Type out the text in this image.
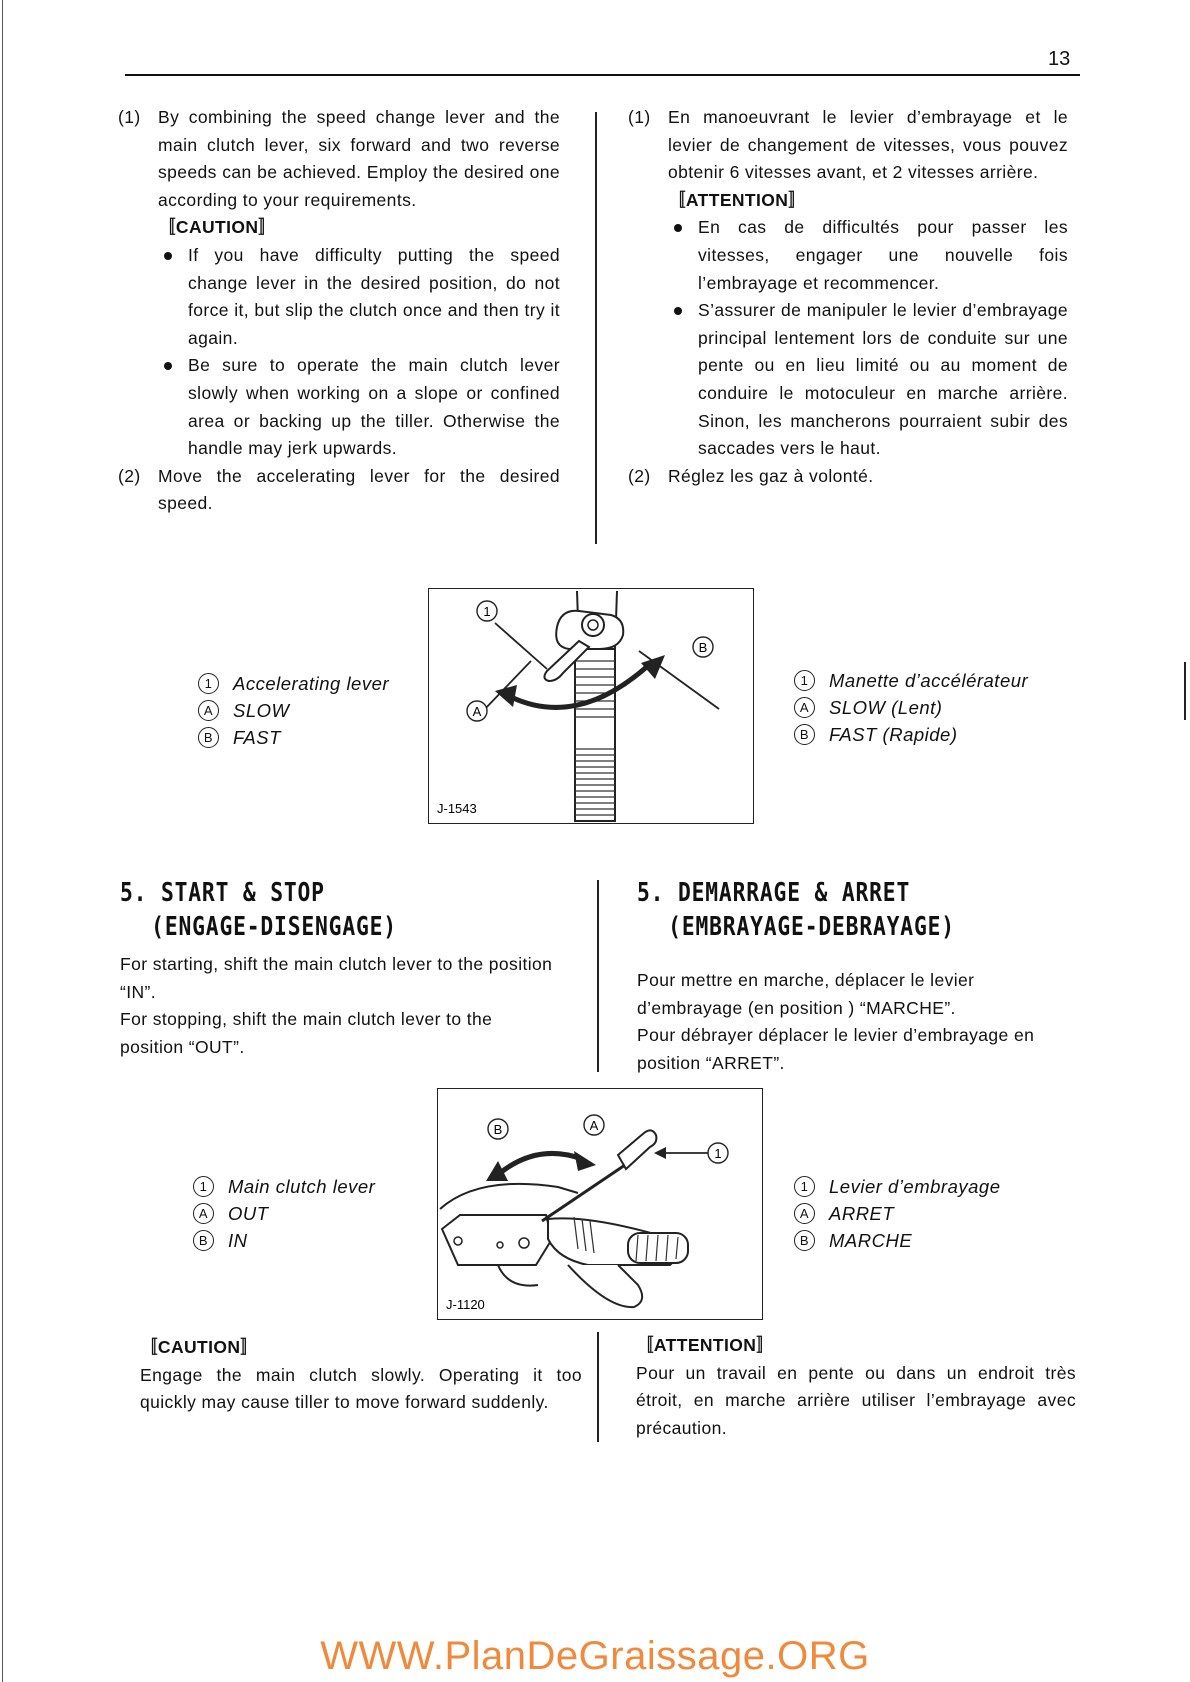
13
(1) By combining the speed change lever and the main clutch lever, six forward and two reverse speeds can be achieved. Employ the desired one according to your requirements.

〚CAUTION〛

If you have difficulty putting the speed change lever in the desired position, do not force it, but slip the clutch once and then try it again.

Be sure to operate the main clutch lever slowly when working on a slope or confined area or backing up the tiller. Otherwise the handle may jerk upwards.

(2) Move the accelerating lever for the desired speed.

(1) En manoeuvrant le levier d’embrayage et le levier de changement de vitesses, vous pouvez obtenir 6 vitesses avant, et 2 vitesses arrière.

〚ATTENTION〛

En cas de difficultés pour passer les vitesses, engager une nouvelle fois l’embrayage et recommencer.

S’assurer de manipuler le levier d’embrayage principal lentement lors de conduite sur une pente ou en lieu limité ou au moment de conduire le motoculeur en marche arrière. Sinon, les mancherons pourraient subir des saccades vers le haut.

(2) Réglez les gaz à volonté.

1
A
B
J-1543
1	Accelerating lever
A	SLOW
B	FAST
1	Manette d’accélérateur
A	SLOW (Lent)
B	FAST (Rapide)
5. START & STOP
(ENGAGE-DISENGAGE)

For starting, shift the main clutch lever to the position “IN”.

For stopping, shift the main clutch lever to the position “OUT”.

5. DEMARRAGE & ARRET
(EMBRAYAGE-DEBRAYAGE)

Pour mettre en marche, déplacer le levier d’embrayage (en position ) “MARCHE”.

Pour débrayer déplacer le levier d’embrayage en position “ARRET”.

B	A
1
J-1120
1	Main clutch lever
A	OUT
B	IN
1	Levier d’embrayage
A	ARRET
B	MARCHE
〚CAUTION〛

Engage the main clutch slowly. Operating it too quickly may cause tiller to move forward suddenly.

〚ATTENTION〛

Pour un travail en pente ou dans un endroit très étroit, en marche arrière utiliser l’embrayage avec précaution.

WWW.PlanDeGraissage.ORG
